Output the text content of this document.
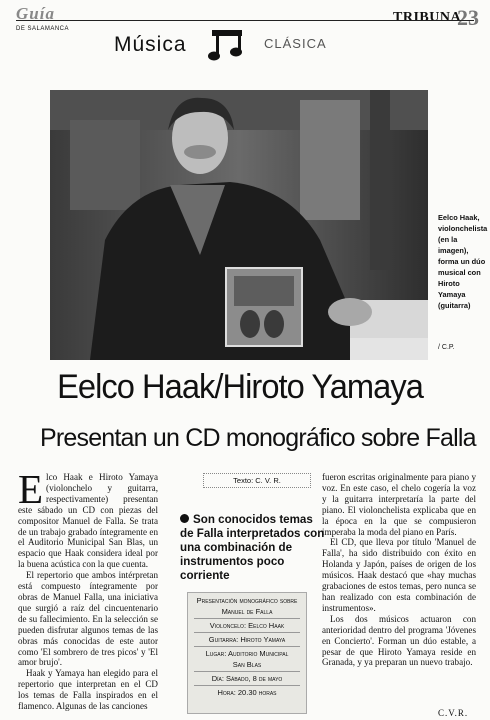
Guía
DE SALAMANCA
TRIBUNA
23
Música	CLÁSICA
Eelco Haak, violonchelista (en la imagen), forma un dúo musical con Hiroto Yamaya (guitarra)
/ C.P.
Eelco Haak/Hiroto Yamaya
Presentan un CD monográfico sobre Falla

Elco Haak e Hiroto Yamaya (violonchelo y guitarra, respectivamente) presentan este sábado un CD con piezas del compositor Manuel de Falla. Se trata de un trabajo grabado íntegramente en el Auditorio Municipal San Blas, un espacio que Haak considera ideal por la buena acústica con la que cuenta.

El repertorio que ambos intérpretan está compuesto íntegramente por obras de Manuel Falla, una iniciativa que surgió a raíz del cincuentenario de su fallecimiento. En la selección se pueden disfrutar algunos temas de las obras más conocidas de este autor como 'El sombrero de tres picos' y 'El amor brujo'.

Haak y Yamaya han elegido para el repertorio que interpretan en el CD los temas de Falla inspirados en el flamenco. Algunas de las canciones

Texto: C. V. R.
Son conocidos temas de Falla interpretados con una combinación de instrumentos poco corriente
Presentación monográfico sobre
Manuel de Falla
Violoncelo: Eelco Haak
Guitarra: Hiroto Yamaya
Lugar: Auditorio Municipal
San Blas
Día: Sábado, 8 de mayo
Hora: 20.30 horas

fueron escritas originalmente para piano y voz. En este caso, el chelo cogería la voz y la guitarra interpretaría la parte del piano. El violonchelista explicaba que en la época en la que se compusieron imperaba la moda del piano en París.

El CD, que lleva por título 'Manuel de Falla', ha sido distribuido con éxito en Holanda y Japón, países de origen de los músicos. Haak destacó que «hay muchas grabaciones de estos temas, pero nunca se han realizado con esta combinación de instrumentos».

Los dos músicos actuaron con anterioridad dentro del programa 'Jóvenes en Concierto'. Forman un dúo estable, a pesar de que Hiroto Yamaya reside en Granada, y ya preparan un nuevo trabajo.

C.V.R.
